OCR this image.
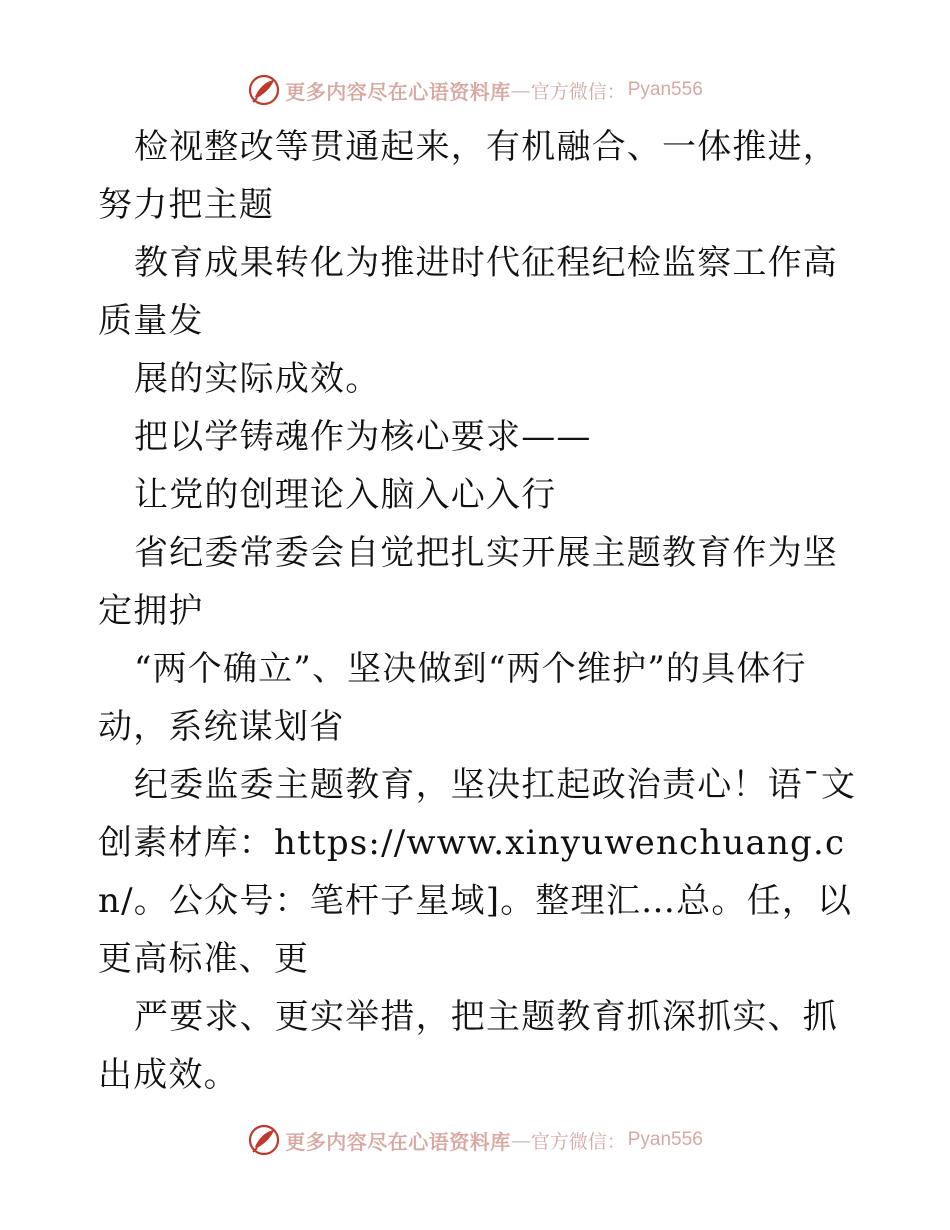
更多内容尽在心语资料库 — 官方微信： Pyan556
检视整改等贯通起来，有机融合、一体推进，努力把主题
教育成果转化为推进时代征程纪检监察工作高质量发
展的实际成效。
把以学铸魂作为核心要求——
让党的创理论入脑入心入行
省纪委常委会自觉把扎实开展主题教育作为坚定拥护
“两个确立”、坚决做到“两个维护”的具体行动，系统谋划省
纪委监委主题教育，坚决扛起政治责心！语¯文创素材库：https://www.xinyuwenchuang.cn/。公众号：笔杆子星域]。整理汇…总。任，以更高标准、更
严要求、更实举措，把主题教育抓深抓实、抓出成效。
更多内容尽在心语资料库 — 官方微信： Pyan556
